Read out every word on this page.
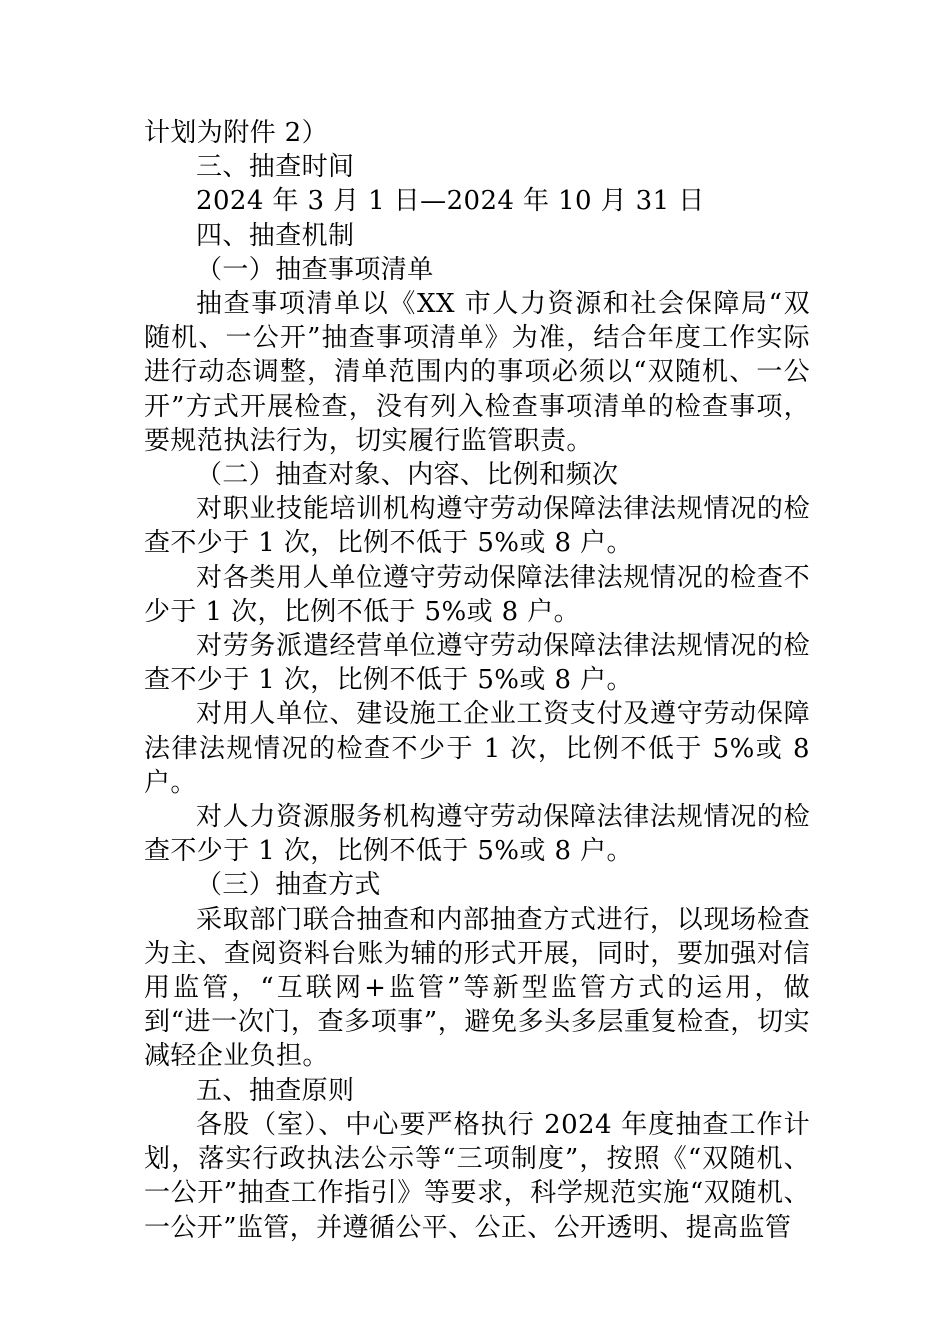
计划为附件 2）

三、抽查时间

2024 年 3 月 1 日—2024 年 10 月 31 日

四、抽查机制

（一）抽查事项清单

抽查事项清单以《XX 市人力资源和社会保障局“双随机、一公开”抽查事项清单》为准，结合年度工作实际进行动态调整，清单范围内的事项必须以“双随机、一公开”方式开展检查，没有列入检查事项清单的检查事项，要规范执法行为，切实履行监管职责。

（二）抽查对象、内容、比例和频次

对职业技能培训机构遵守劳动保障法律法规情况的检查不少于 1 次，比例不低于 5%或 8 户。

对各类用人单位遵守劳动保障法律法规情况的检查不少于 1 次，比例不低于 5%或 8 户。

对劳务派遣经营单位遵守劳动保障法律法规情况的检查不少于 1 次，比例不低于 5%或 8 户。

对用人单位、建设施工企业工资支付及遵守劳动保障法律法规情况的检查不少于 1 次，比例不低于 5%或 8 户。

对人力资源服务机构遵守劳动保障法律法规情况的检查不少于 1 次，比例不低于 5%或 8 户。

（三）抽查方式

采取部门联合抽查和内部抽查方式进行，以现场检查为主、查阅资料台账为辅的形式开展，同时，要加强对信用监管，“互联网+监管”等新型监管方式的运用，做到“进一次门，查多项事”，避免多头多层重复检查，切实减轻企业负担。

五、抽查原则

各股（室）、中心要严格执行 2024 年度抽查工作计划，落实行政执法公示等“三项制度”，按照《“双随机、一公开”抽查工作指引》等要求，科学规范实施“双随机、一公开”监管，并遵循公平、公正、公开透明、提高监管
